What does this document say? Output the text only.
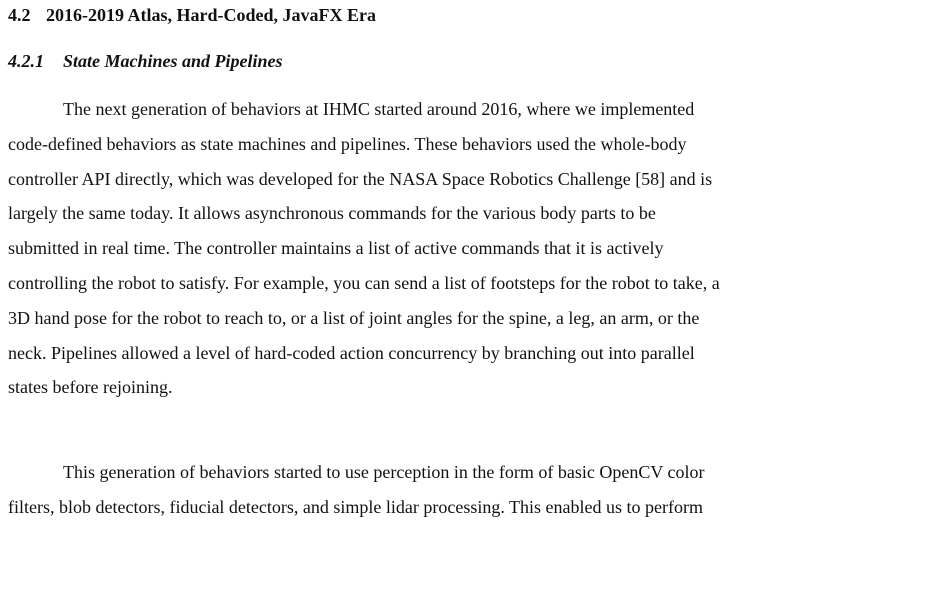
4.2 2016-2019 Atlas, Hard-Coded, JavaFX Era
4.2.1 State Machines and Pipelines
The next generation of behaviors at IHMC started around 2016, where we implemented
code-defined behaviors as state machines and pipelines. These behaviors used the whole-body
controller API directly, which was developed for the NASA Space Robotics Challenge [58] and is
largely the same today. It allows asynchronous commands for the various body parts to be
submitted in real time. The controller maintains a list of active commands that it is actively
controlling the robot to satisfy. For example, you can send a list of footsteps for the robot to take, a
3D hand pose for the robot to reach to, or a list of joint angles for the spine, a leg, an arm, or the
neck. Pipelines allowed a level of hard-coded action concurrency by branching out into parallel
states before rejoining.
This generation of behaviors started to use perception in the form of basic OpenCV color
filters, blob detectors, fiducial detectors, and simple lidar processing. This enabled us to perform
